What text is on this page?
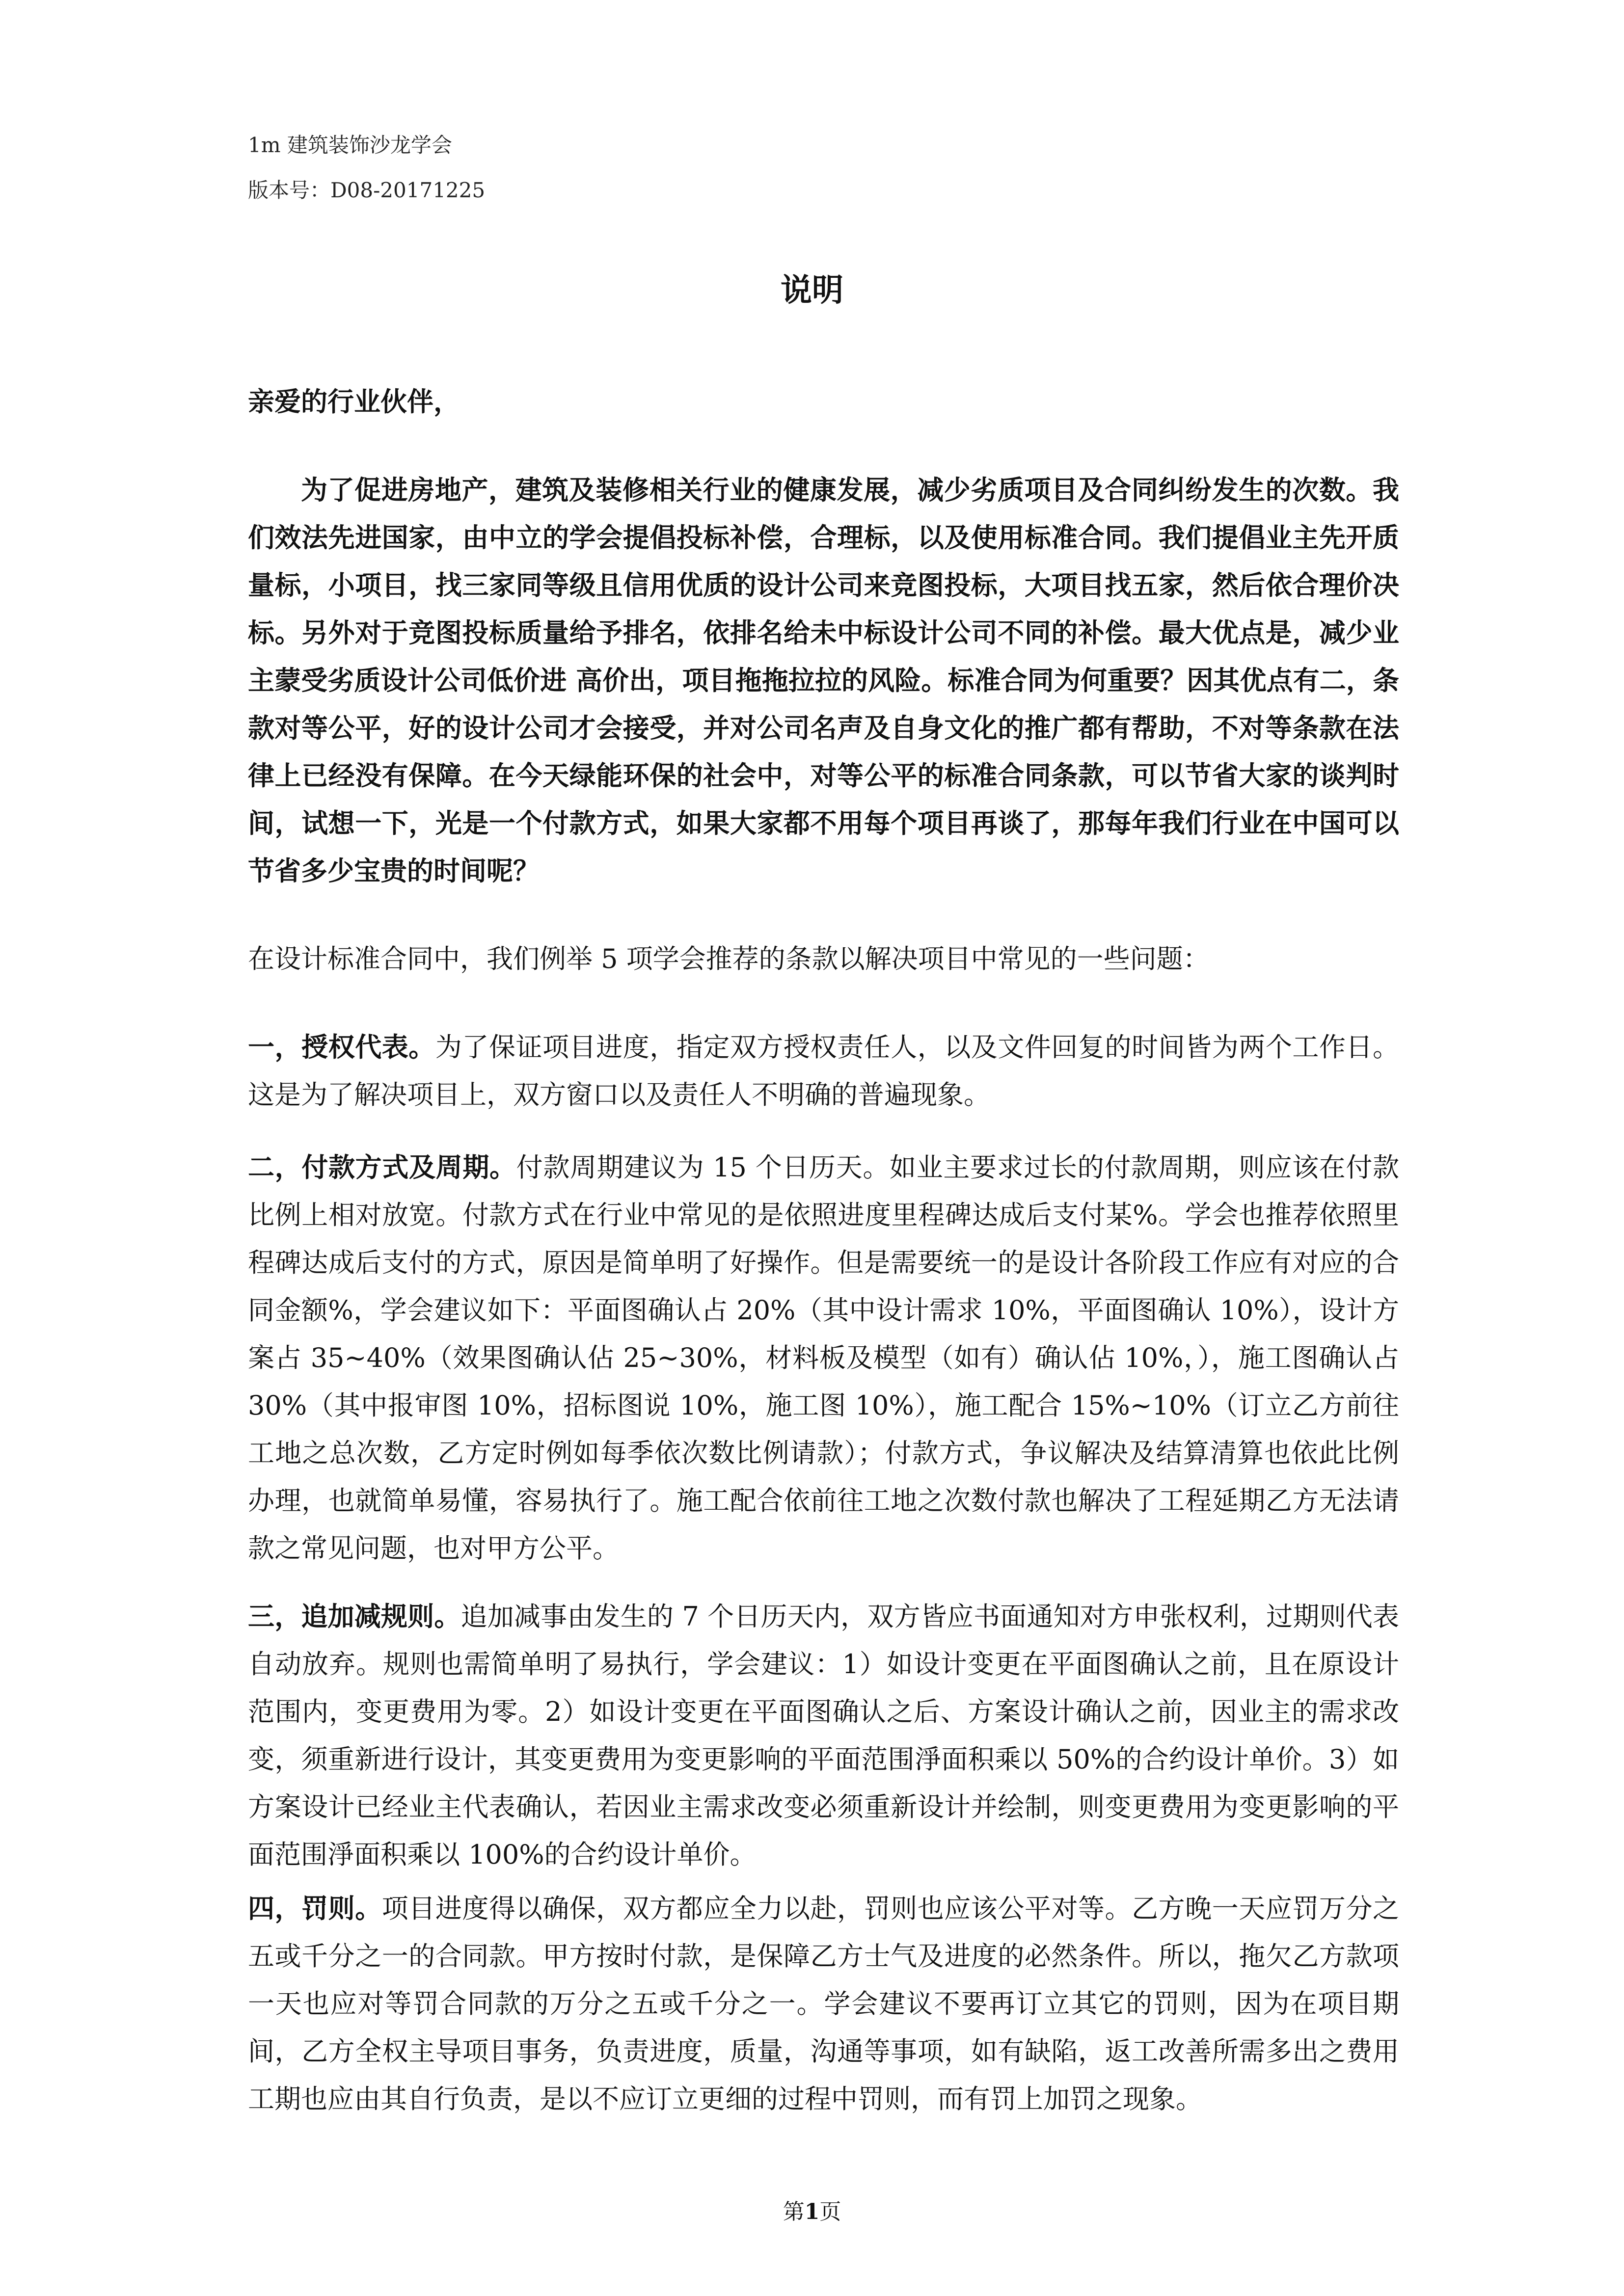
1m 建筑装饰沙龙学会
版本号：D08-20171225
说明

亲爱的行业伙伴，

为了促进房地产，建筑及装修相关行业的健康发展，减少劣质项目及合同纠纷发生的次数。我们效法先进国家，由中立的学会提倡投标补偿，合理标，以及使用标准合同。我们提倡业主先开质量标，小项目，找三家同等级且信用优质的设计公司来竞图投标，大项目找五家，然后依合理价决标。另外对于竞图投标质量给予排名，依排名给未中标设计公司不同的补偿。最大优点是，减少业主蒙受劣质设计公司低价进 高价出，项目拖拖拉拉的风险。标准合同为何重要？因其优点有二，条款对等公平，好的设计公司才会接受，并对公司名声及自身文化的推广都有帮助，不对等条款在法律上已经没有保障。在今天绿能环保的社会中，对等公平的标准合同条款，可以节省大家的谈判时间，试想一下，光是一个付款方式，如果大家都不用每个项目再谈了，那每年我们行业在中国可以节省多少宝贵的时间呢？

在设计标准合同中，我们例举 5 项学会推荐的条款以解决项目中常见的一些问题：

一，授权代表。为了保证项目进度，指定双方授权责任人，以及文件回复的时间皆为两个工作日。这是为了解决项目上，双方窗口以及责任人不明确的普遍现象。

二，付款方式及周期。付款周期建议为 15 个日历天。如业主要求过长的付款周期，则应该在付款比例上相对放宽。付款方式在行业中常见的是依照进度里程碑达成后支付某%。学会也推荐依照里程碑达成后支付的方式，原因是简单明了好操作。但是需要统一的是设计各阶段工作应有对应的合同金额%，学会建议如下：平面图确认占 20%（其中设计需求 10%，平面图确认 10%），设计方案占 35~40%（效果图确认佔 25~30%，材料板及模型（如有）确认佔 10%，），施工图确认占 30%（其中报审图 10%，招标图说 10%，施工图 10%），施工配合 15%~10%（订立乙方前往工地之总次数，乙方定时例如每季依次数比例请款）；付款方式，争议解决及结算清算也依此比例办理，也就简单易懂，容易执行了。施工配合依前往工地之次数付款也解决了工程延期乙方无法请款之常见问题，也对甲方公平。

三，追加减规则。追加减事由发生的 7 个日历天内，双方皆应书面通知对方申张权利，过期则代表自动放弃。规则也需简单明了易执行，学会建议：1）如设计变更在平面图确认之前，且在原设计范围内，变更费用为零。2）如设计变更在平面图确认之后、方案设计确认之前，因业主的需求改变，须重新进行设计，其变更费用为变更影响的平面范围淨面积乘以 50%的合约设计单价。3）如方案设计已经业主代表确认，若因业主需求改变必须重新设计并绘制，则变更费用为变更影响的平面范围淨面积乘以 100%的合约设计单价。

四，罚则。项目进度得以确保，双方都应全力以赴，罚则也应该公平对等。乙方晚一天应罚万分之五或千分之一的合同款。甲方按时付款，是保障乙方士气及进度的必然条件。所以，拖欠乙方款项一天也应对等罚合同款的万分之五或千分之一。学会建议不要再订立其它的罚则，因为在项目期间，乙方全权主导项目事务，负责进度，质量，沟通等事项，如有缺陷，返工改善所需多出之费用工期也应由其自行负责，是以不应订立更细的过程中罚则，而有罚上加罚之现象。

第1页
